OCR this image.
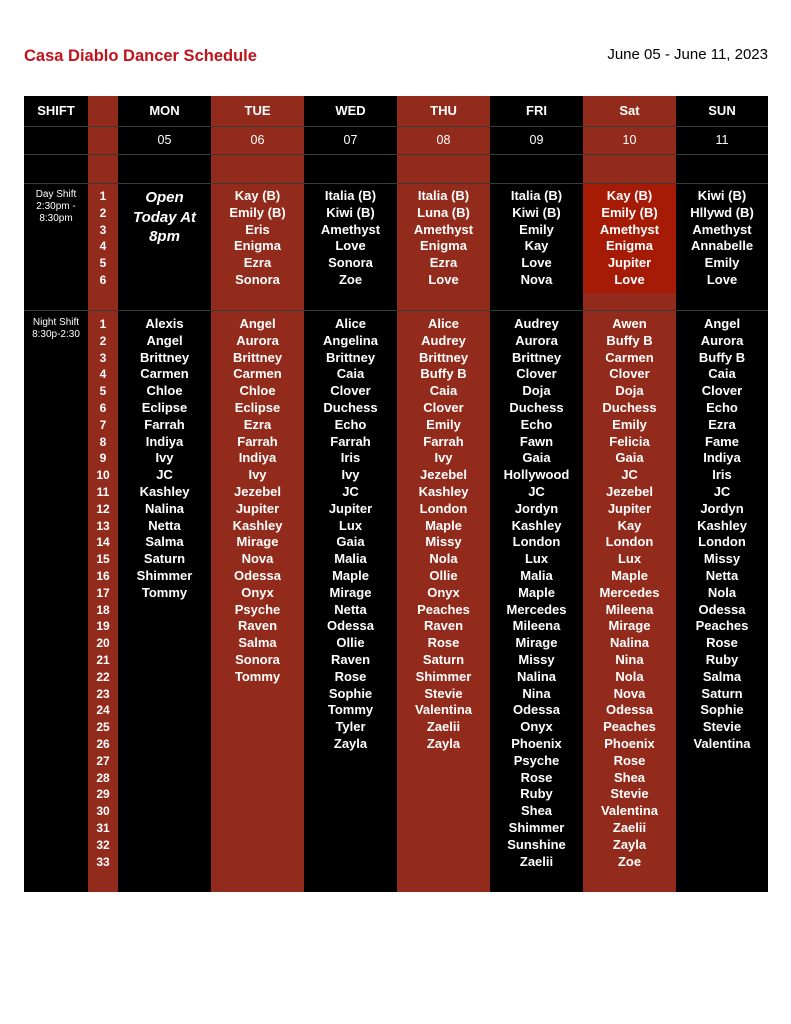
Casa Diablo Dancer Schedule	June 05 - June 11, 2023
SHIFT
Day Shift 2:30pm - 8:30pm
Night Shift 8:30p-2:30
1
2
3
4
5
6
1
2
3
4
5
6
7
8
9
10
11
12
13
14
15
16
17
18
19
20
21
22
23
24
25
26
27
28
29
30
31
32
33
MON
05
Open Today At 8pm
Alexis
Angel
Brittney
Carmen
Chloe
Eclipse
Farrah
Indiya
Ivy
JC
Kashley
Nalina
Netta
Salma
Saturn
Shimmer
Tommy
TUE
06
Kay (B)
Emily (B)
Eris
Enigma
Ezra
Sonora
Angel
Aurora
Brittney
Carmen
Chloe
Eclipse
Ezra
Farrah
Indiya
Ivy
Jezebel
Jupiter
Kashley
Mirage
Nova
Odessa
Onyx
Psyche
Raven
Salma
Sonora
Tommy
WED
07
Italia (B)
Kiwi (B)
Amethyst
Love
Sonora
Zoe
Alice
Angelina
Brittney
Caia
Clover
Duchess
Echo
Farrah
Iris
Ivy
JC
Jupiter
Lux
Gaia
Malia
Maple
Mirage
Netta
Odessa
Ollie
Raven
Rose
Sophie
Tommy
Tyler
Zayla
THU
08
Italia (B)
Luna (B)
Amethyst
Enigma
Ezra
Love
Alice
Audrey
Brittney
Buffy B
Caia
Clover
Emily
Farrah
Ivy
Jezebel
Kashley
London
Maple
Missy
Nola
Ollie
Onyx
Peaches
Raven
Rose
Saturn
Shimmer
Stevie
Valentina
Zaelii
Zayla
FRI
09
Italia (B)
Kiwi (B)
Emily
Kay
Love
Nova
Audrey
Aurora
Brittney
Clover
Doja
Duchess
Echo
Fawn
Gaia
Hollywood
JC
Jordyn
Kashley
London
Lux
Malia
Maple
Mercedes
Mileena
Mirage
Missy
Nalina
Nina
Odessa
Onyx
Phoenix
Psyche
Rose
Ruby
Shea
Shimmer
Sunshine
Zaelii
Sat
10
Kay (B)
Emily (B)
Amethyst
Enigma
Jupiter
Love
Awen
Buffy B
Carmen
Clover
Doja
Duchess
Emily
Felicia
Gaia
JC
Jezebel
Jupiter
Kay
London
Lux
Maple
Mercedes
Mileena
Mirage
Nalina
Nina
Nola
Nova
Odessa
Peaches
Phoenix
Rose
Shea
Stevie
Valentina
Zaelii
Zayla
Zoe
SUN
11
Kiwi (B)
Hllywd (B)
Amethyst
Annabelle
Emily
Love
Angel
Aurora
Buffy B
Caia
Clover
Echo
Ezra
Fame
Indiya
Iris
JC
Jordyn
Kashley
London
Missy
Netta
Nola
Odessa
Peaches
Rose
Ruby
Salma
Saturn
Sophie
Stevie
Valentina
